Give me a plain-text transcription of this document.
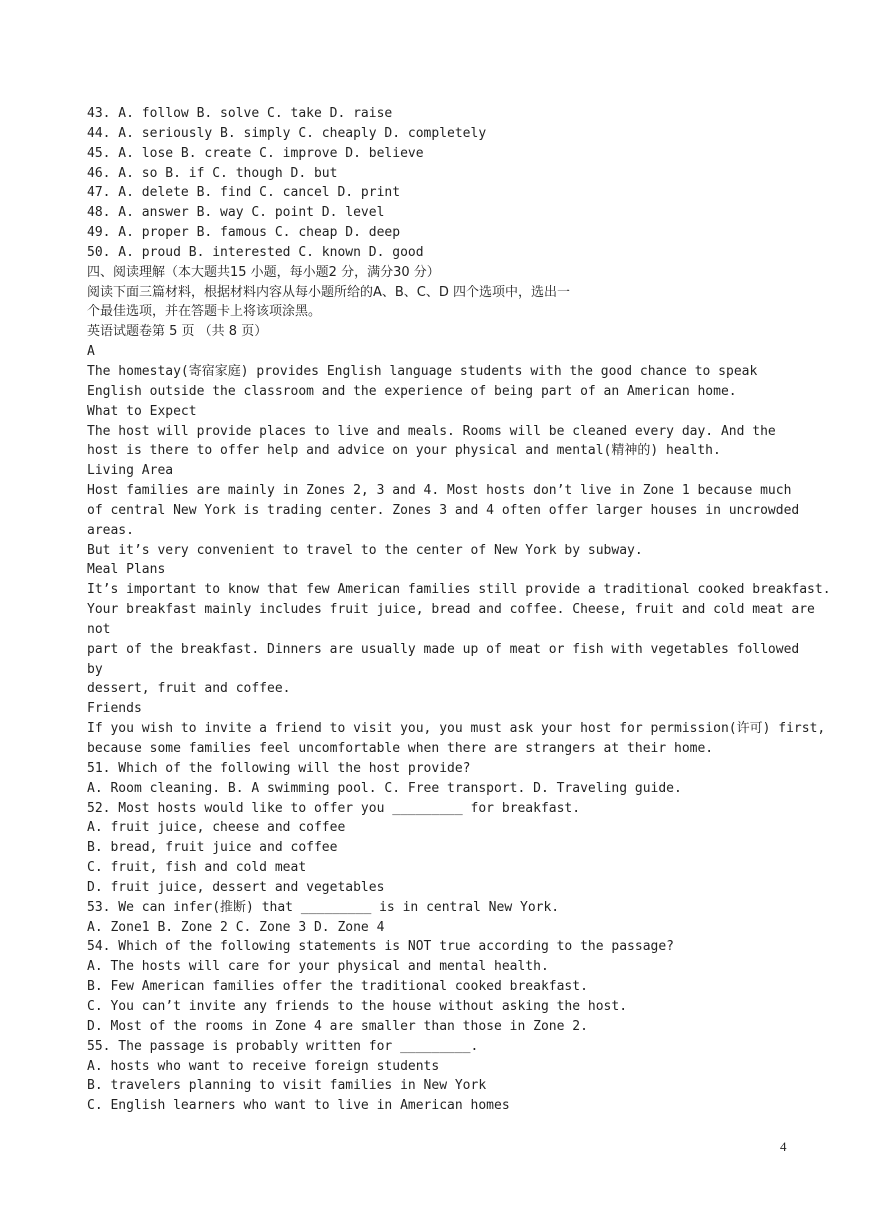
43. A. follow B. solve C. take D. raise
44. A. seriously B. simply C. cheaply D. completely
45. A. lose B. create C. improve D. believe
46. A. so B. if C. though D. but
47. A. delete B. find C. cancel D. print
48. A. answer B. way C. point D. level
49. A. proper B. famous C. cheap D. deep
50. A. proud B. interested C. known D. good
四、阅读理解（本大题共15 小题，每小题2 分，满分30 分）
阅读下面三篇材料，根据材料内容从每小题所给的A、B、C、D 四个选项中，选出一
个最佳选项，并在答题卡上将该项涂黑。
英语试题卷第 5 页 （共 8 页）
A
The homestay(寄宿家庭) provides English language students with the good chance to speak
English outside the classroom and the experience of being part of an American home.
What to Expect
The host will provide places to live and meals. Rooms will be cleaned every day. And the
host is there to offer help and advice on your physical and mental(精神的) health.
Living Area
Host families are mainly in Zones 2, 3 and 4. Most hosts don’t live in Zone 1 because much
of central New York is trading center. Zones 3 and 4 often offer larger houses in uncrowded
areas.
But it’s very convenient to travel to the center of New York by subway.
Meal Plans
It’s important to know that few American families still provide a traditional cooked breakfast.
Your breakfast mainly includes fruit juice, bread and coffee. Cheese, fruit and cold meat are
not
part of the breakfast. Dinners are usually made up of meat or fish with vegetables followed
by
dessert, fruit and coffee.
Friends
If you wish to invite a friend to visit you, you must ask your host for permission(许可) first,
because some families feel uncomfortable when there are strangers at their home.
51. Which of the following will the host provide?
A. Room cleaning. B. A swimming pool. C. Free transport. D. Traveling guide.
52. Most hosts would like to offer you _________ for breakfast.
A. fruit juice, cheese and coffee
B. bread, fruit juice and coffee
C. fruit, fish and cold meat
D. fruit juice, dessert and vegetables
53. We can infer(推断) that _________ is in central New York.
A. Zone1 B. Zone 2 C. Zone 3 D. Zone 4
54. Which of the following statements is NOT true according to the passage?
A. The hosts will care for your physical and mental health.
B. Few American families offer the traditional cooked breakfast.
C. You can’t invite any friends to the house without asking the host.
D. Most of the rooms in Zone 4 are smaller than those in Zone 2.
55. The passage is probably written for _________.
A. hosts who want to receive foreign students
B. travelers planning to visit families in New York
C. English learners who want to live in American homes
4
